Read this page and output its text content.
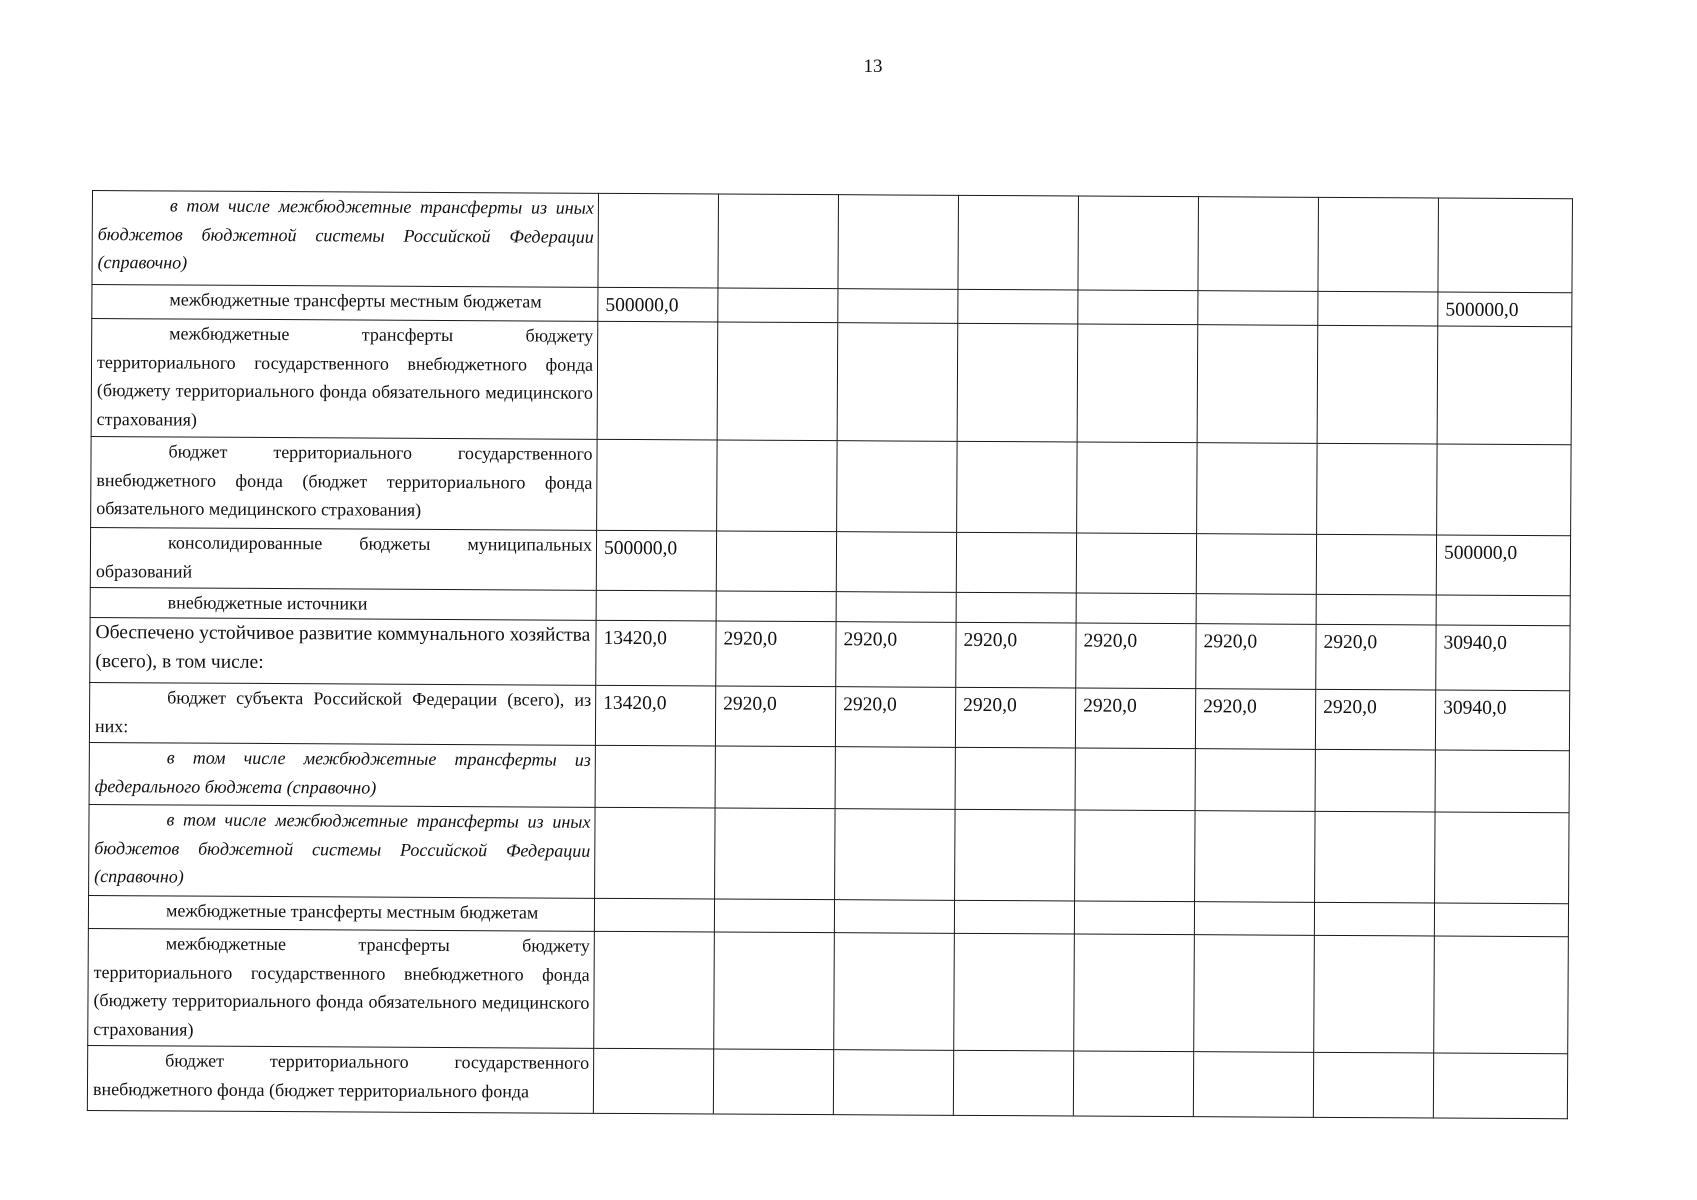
13
в том числе межбюджетные трансферты из иных бюджетов бюджетной системы Российской Федерации (справочно)								
межбюджетные трансферты местным бюджетам	500000,0							500000,0
межбюджетные трансферты бюджету территориального государственного внебюджетного фонда (бюджету территориального фонда обязательного медицинского страхования)								
бюджет территориального государственного внебюджетного фонда (бюджет территориального фонда обязательного медицинского страхования)								
консолидированные бюджеты муниципальных образований	500000,0							500000,0
внебюджетные источники								
Обеспечено устойчивое развитие коммунального хозяйства (всего), в том числе:	13420,0	2920,0	2920,0	2920,0	2920,0	2920,0	2920,0	30940,0
бюджет субъекта Российской Федерации (всего), из них:	13420,0	2920,0	2920,0	2920,0	2920,0	2920,0	2920,0	30940,0
в том числе межбюджетные трансферты из федерального бюджета (справочно)								
в том числе межбюджетные трансферты из иных бюджетов бюджетной системы Российской Федерации (справочно)								
межбюджетные трансферты местным бюджетам								
межбюджетные трансферты бюджету территориального государственного внебюджетного фонда (бюджету территориального фонда обязательного медицинского страхования)								
бюджет территориального государственного внебюджетного фонда (бюджет территориального фонда								
